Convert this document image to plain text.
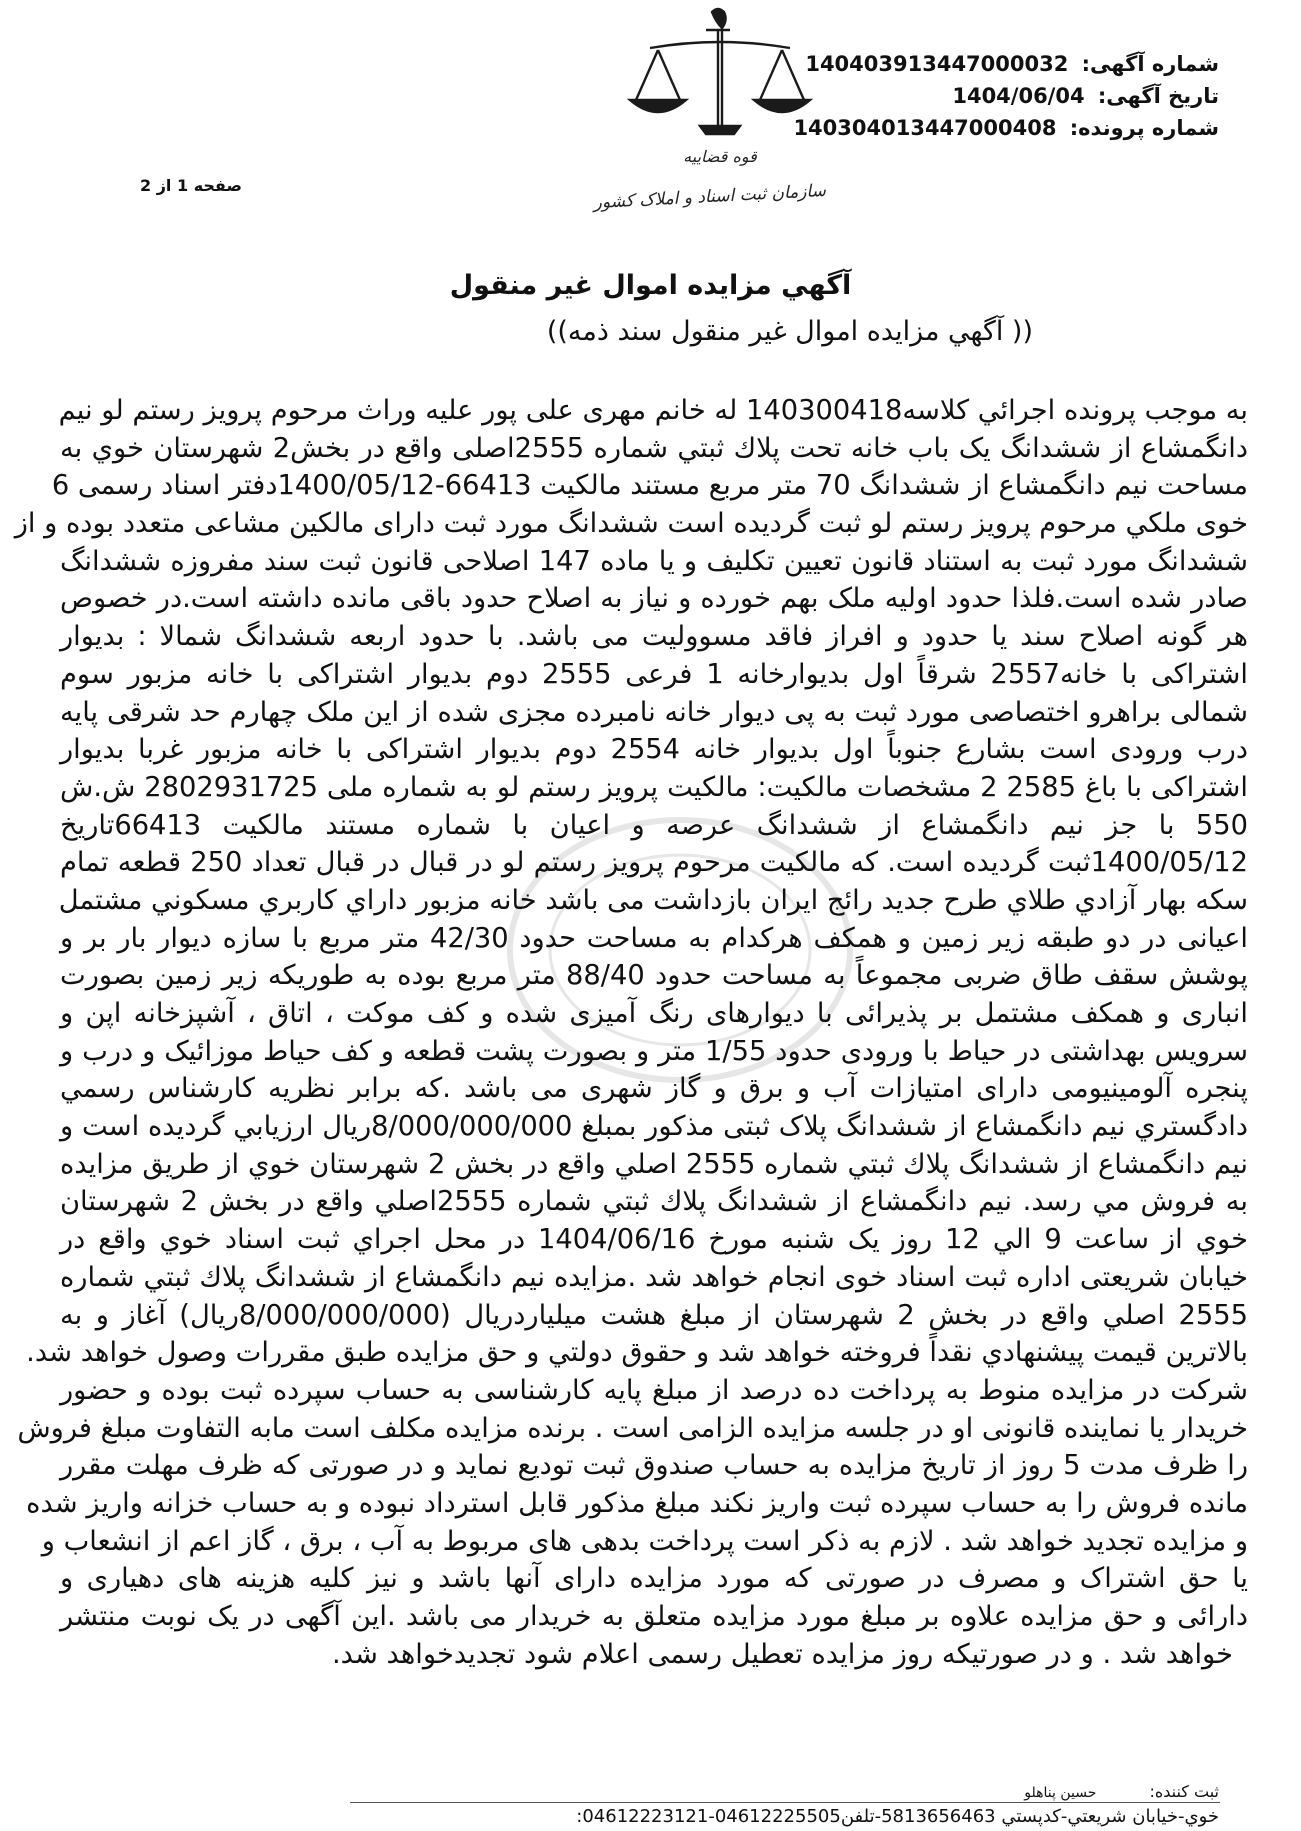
قوه قضاییه
سازمان ثبت اسناد و املاک کشور
شماره آگهی: 140403913447000032
تاریخ آگهی: 1404/06/04
شماره پرونده: 140304013447000408
صفحه 1 از 2
آگهي مزايده اموال غير منقول
(( آگهي مزايده اموال غير منقول سند ذمه))
به موجب پرونده اجرائي كلاسه140300418 له خانم مهری علی پور علیه وراث مرحوم پرویز رستم لو نیم
دانگمشاع از ششدانگ یک باب خانه تحت پلاك ثبتي شماره 2555اصلی واقع در بخش2 شهرستان خوي به
مساحت نیم دانگمشاع از ششدانگ 70 متر مربع مستند مالکیت 66413-1400/05/12دفتر اسناد رسمی 6
خوی ملكي مرحوم پرویز رستم لو ثبت گرديده است ششدانگ مورد ثبت دارای مالکین مشاعی متعدد بوده و از
ششدانگ مورد ثبت به استناد قانون تعیین تکلیف و یا ماده 147 اصلاحی قانون ثبت سند مفروزه ششدانگ
صادر شده است.فلذا حدود اولیه ملک بهم خورده و نیاز به اصلاح حدود باقی مانده داشته است.در خصوص
هر گونه اصلاح سند یا حدود و افراز فاقد مسوولیت می باشد. با حدود اربعه ششدانگ شمالا : بدیوار
اشتراکی با خانه2557 شرقاً اول بدیوارخانه 1 فرعی 2555 دوم بدیوار اشتراکی با خانه مزبور سوم
شمالی براهرو اختصاصی مورد ثبت به پی دیوار خانه نامبرده مجزی شده از این ملک چهارم حد شرقی پایه
درب ورودی است بشارع جنوباً اول بدیوار خانه 2554 دوم بدیوار اشتراکی با خانه مزبور غربا بدیوار
اشتراکی با باغ 2585 2 مشخصات مالکیت: مالکیت پرویز رستم لو به شماره ملی 2802931725 ش.ش
550 با جز نیم دانگمشاع از ششدانگ عرصه و اعیان با شماره مستند مالکیت 66413تاریخ
1400/05/12ثبت گرديده است. كه مالكيت مرحوم پرویز رستم لو در قبال در قبال تعداد 250 قطعه تمام
سکه بهار آزادي طلاي طرح جدید رائج ایران بازداشت می باشد خانه مزبور داراي كاربري مسكوني مشتمل
اعیانی در دو طبقه زیر زمین و همکف هرکدام به مساحت حدود 42/30 متر مربع با سازه دیوار بار بر و
پوشش سقف طاق ضربی مجموعاً به مساحت حدود 88/40 متر مربع بوده به طوریکه زیر زمین بصورت
انباری و همکف مشتمل بر پذیرائی با دیوارهای رنگ آمیزی شده و کف موکت ، اتاق ، آشپزخانه اپن و
سرویس بهداشتی در حیاط با ورودی حدود 1/55 متر و بصورت پشت قطعه و کف حیاط موزائیک و درب و
پنجره آلومینیومی دارای امتیازات آب و برق و گاز شهری می باشد .كه برابر نظريه كارشناس رسمي
دادگستري نیم دانگمشاع از ششدانگ پلاک ثبتی مذکور بمبلغ 8/000/000/000ريال ارزيابي گرديده است و
نیم دانگمشاع از ششدانگ پلاك ثبتي شماره 2555 اصلي واقع در بخش 2 شهرستان خوي از طريق مزايده
به فروش مي رسد. نیم دانگمشاع از ششدانگ پلاك ثبتي شماره 2555اصلي واقع در بخش 2 شهرستان
خوي از ساعت 9 الي 12 روز يک شنبه مورخ 1404/06/16 در محل اجراي ثبت اسناد خوي واقع در
خیابان شریعتی اداره ثبت اسناد خوی انجام خواهد شد .مزايده نیم دانگمشاع از ششدانگ پلاك ثبتي شماره
2555 اصلي واقع در بخش 2 شهرستان از مبلغ هشت میلیاردریال (8/000/000/000ريال) آغاز و به
بالاترين قيمت پيشنهادي نقداً فروخته خواهد شد و حقوق دولتي و حق مزايده طبق مقررات وصول خواهد شد.
شرکت در مزايده منوط به پرداخت ده درصد از مبلغ پایه کارشناسی به حساب سپرده ثبت بوده و حضور
خریدار یا نماینده قانونی او در جلسه مزايده الزامی است . برنده مزايده مکلف است مابه التفاوت مبلغ فروش
را ظرف مدت 5 روز از تاریخ مزايده به حساب صندوق ثبت تودیع نماید و در صورتی که ظرف مهلت مقرر
مانده فروش را به حساب سپرده ثبت واریز نکند مبلغ مذکور قابل استرداد نبوده و به حساب خزانه واریز شده
و مزايده تجدید خواهد شد . لازم به ذکر است پرداخت بدهی های مربوط به آب ، برق ، گاز اعم از انشعاب و
یا حق اشتراک و مصرف در صورتی که مورد مزايده دارای آنها باشد و نیز کلیه هزینه های دهیاری و
دارائی و حق مزايده علاوه بر مبلغ مورد مزايده متعلق به خریدار می باشد .این آگهی در یک نوبت منتشر
خواهد شد . و در صورتیکه روز مزايده تعطیل رسمی اعلام شود تجدیدخواهد شد.
ثبت کننده: حسین پناهلو
خوي-خيابان شريعتي-كدپستي 5813656463-تلفن04612225505-04612223121:
